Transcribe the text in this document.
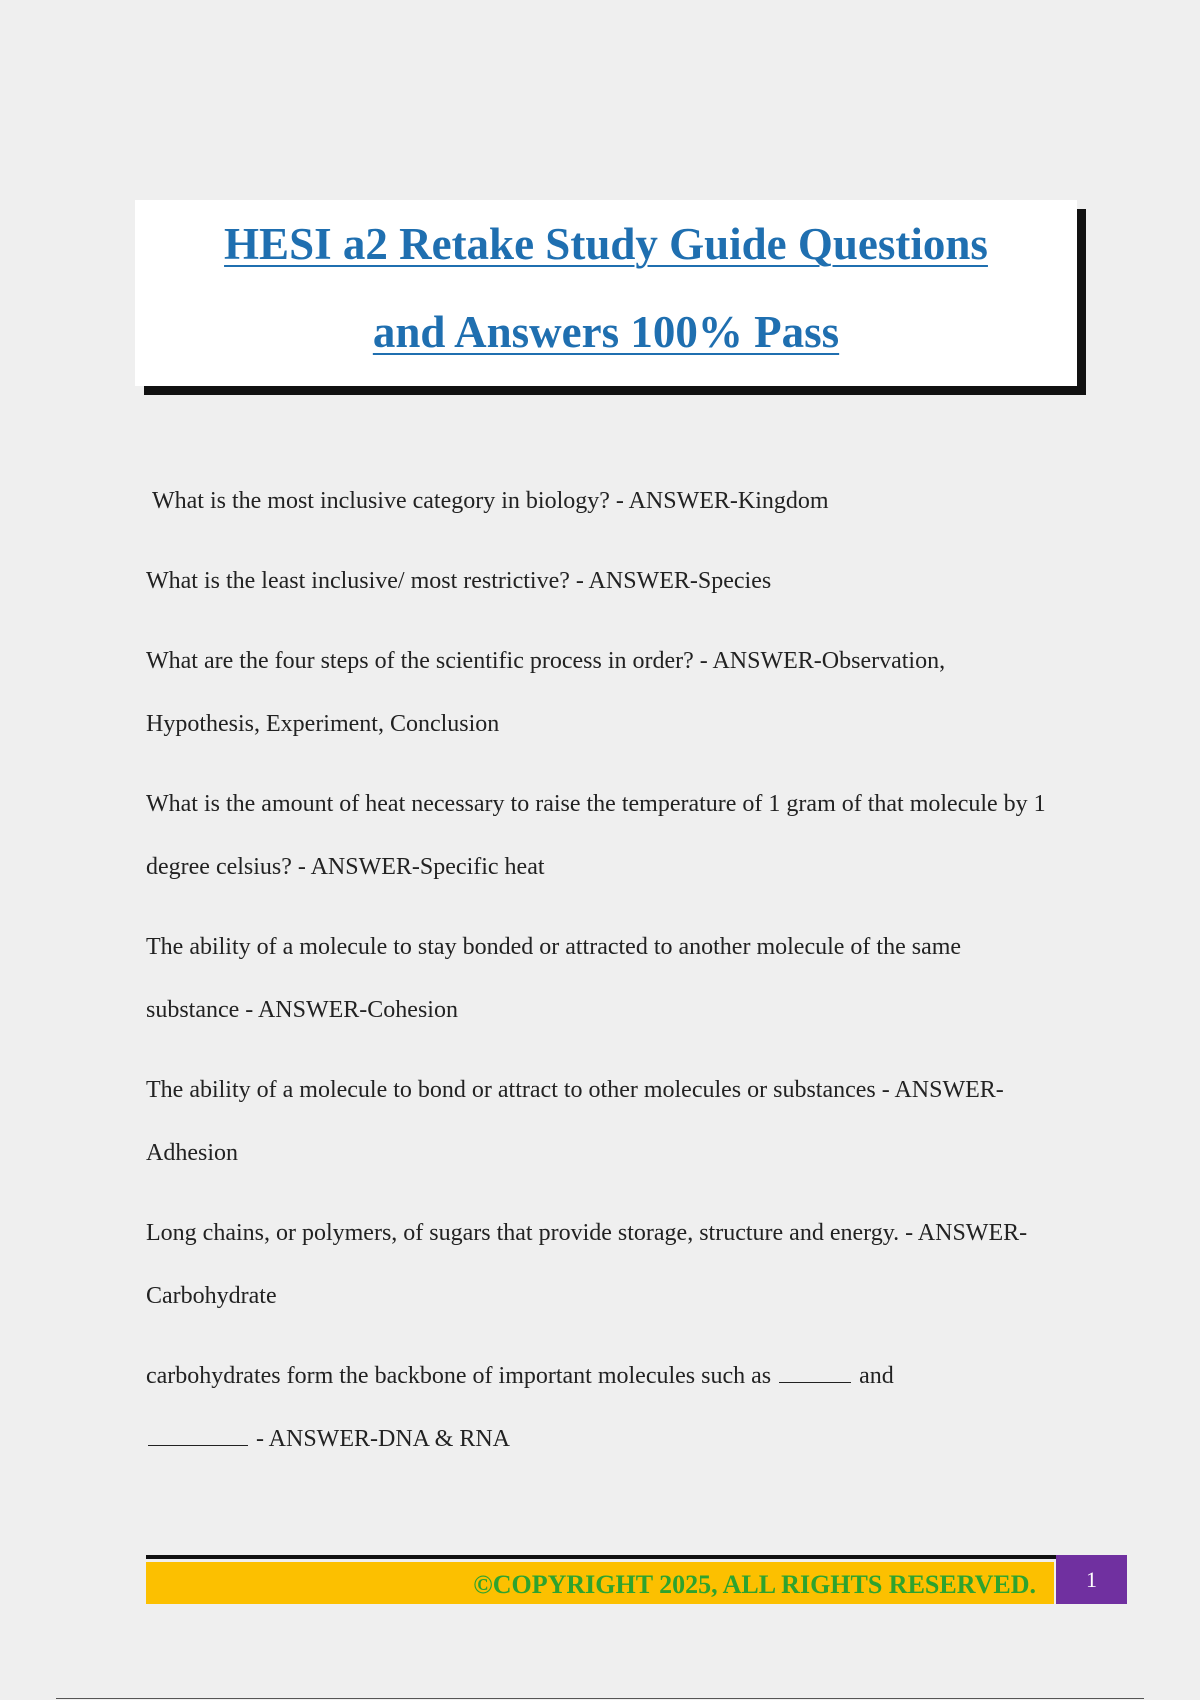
HESI a2 Retake Study Guide Questions
and Answers 100% Pass

What is the most inclusive category in biology? - ANSWER-Kingdom

What is the least inclusive/ most restrictive? - ANSWER-Species

What are the four steps of the scientific process in order? - ANSWER-Observation, Hypothesis, Experiment, Conclusion

What is the amount of heat necessary to raise the temperature of 1 gram of that molecule by 1 degree celsius? - ANSWER-Specific heat

The ability of a molecule to stay bonded or attracted to another molecule of the same substance - ANSWER-Cohesion

The ability of a molecule to bond or attract to other molecules or substances - ANSWER-Adhesion

Long chains, or polymers, of sugars that provide storage, structure and energy. - ANSWER-Carbohydrate

carbohydrates form the backbone of important molecules such as	and
- ANSWER-DNA & RNA

©COPYRIGHT 2025, ALL RIGHTS RESERVED.	1
